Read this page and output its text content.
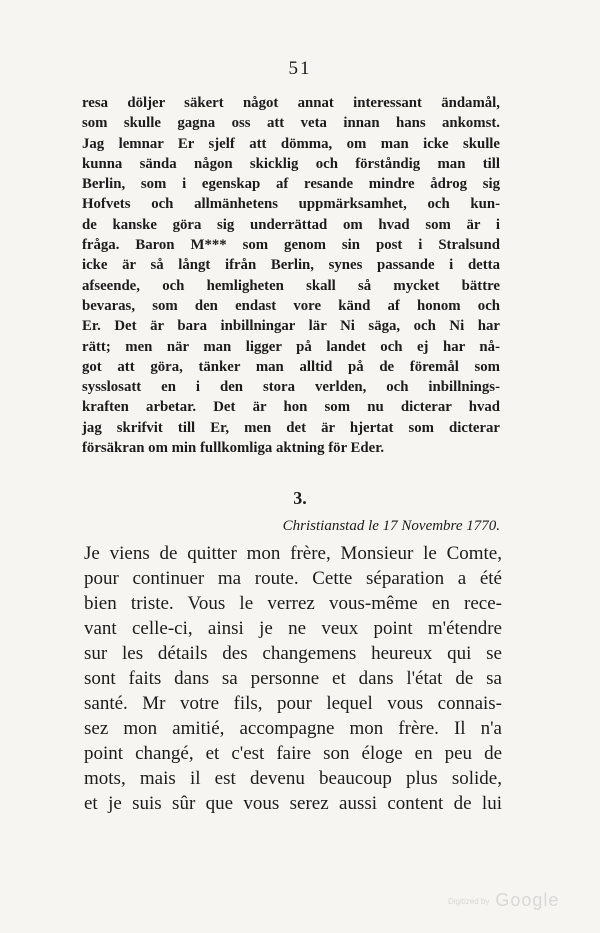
51
resa döljer säkert något annat interessant ändamål,
som skulle gagna oss att veta innan hans ankomst.
Jag lemnar Er sjelf att dömma, om man icke skulle
kunna sända någon skicklig och förståndig man till
Berlin, som i egenskap af resande mindre ådrog sig
Hofvets och allmänhetens uppmärksamhet, och kun-
de kanske göra sig underrättad om hvad som är i
fråga. Baron M*** som genom sin post i Stralsund
icke är så långt ifrån Berlin, synes passande i detta
afseende, och hemligheten skall så mycket bättre
bevaras, som den endast vore känd af honom och
Er. Det är bara inbillningar lär Ni säga, och Ni har
rätt; men när man ligger på landet och ej har nå-
got att göra, tänker man alltid på de föremål som
sysslosatt en i den stora verlden, och inbillnings-
kraften arbetar. Det är hon som nu dicterar hvad
jag skrifvit till Er, men det är hjertat som dicterar
försäkran om min fullkomliga aktning för Eder.
3.
Christianstad le 17 Novembre 1770.
Je viens de quitter mon frère, Monsieur le Comte,
pour continuer ma route. Cette séparation a été
bien triste. Vous le verrez vous-même en rece-
vant celle-ci, ainsi je ne veux point m'étendre
sur les détails des changemens heureux qui se
sont faits dans sa personne et dans l'état de sa
santé. Mr votre fils, pour lequel vous connais-
sez mon amitié, accompagne mon frère. Il n'a
point changé, et c'est faire son éloge en peu de
mots, mais il est devenu beaucoup plus solide,
et je suis sûr que vous serez aussi content de lui
Digitized by Google
